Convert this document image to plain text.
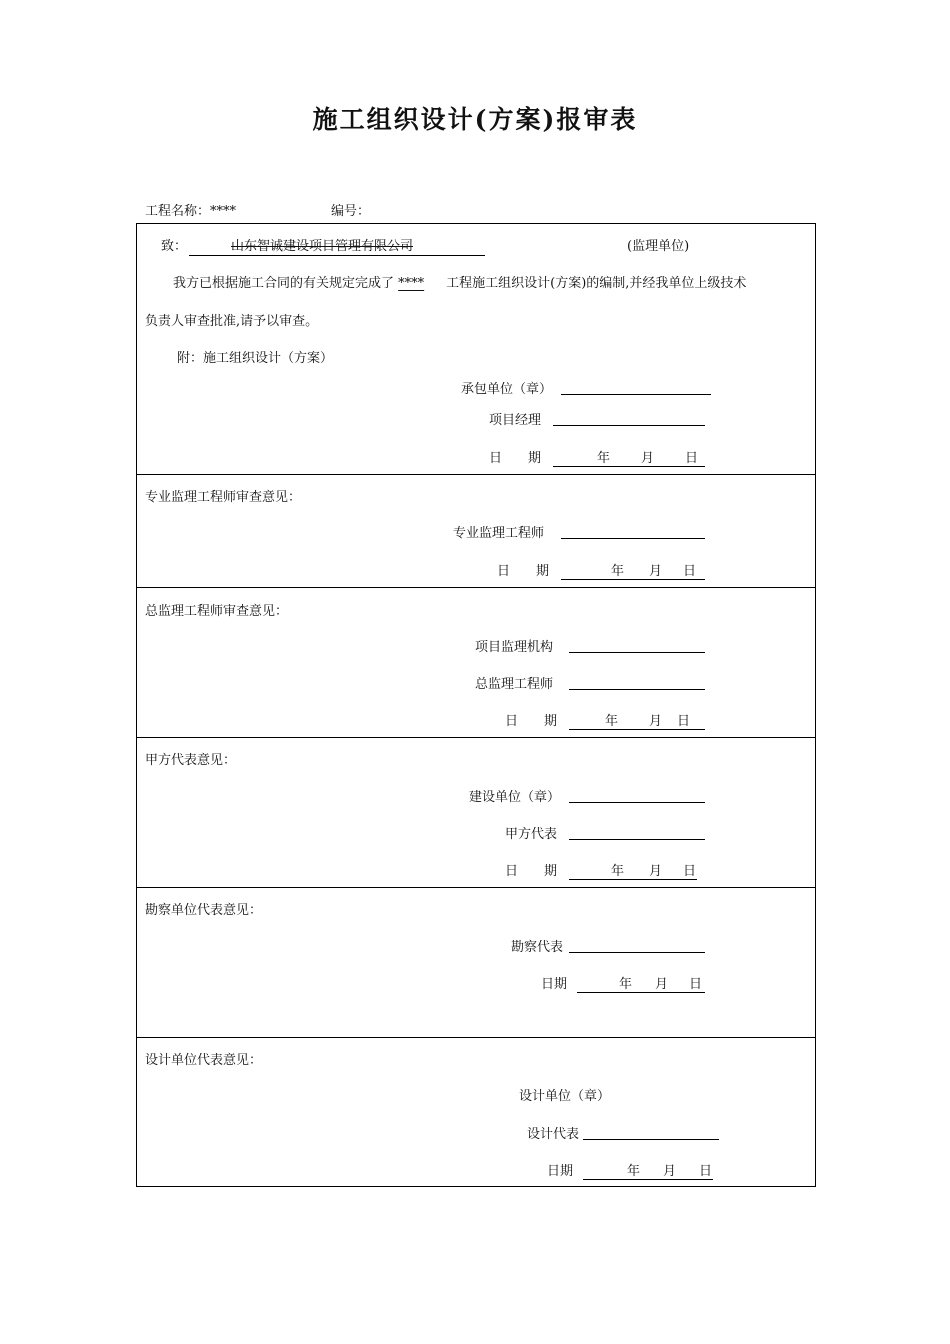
施工组织设计(方案)报审表
工程名称：****	编号：
致：	山东智诚建设项目管理有限公司	(监理单位)
我方已根据施工合同的有关规定完成了 **** 工程施工组织设计(方案)的编制,并经我单位上级技术
负责人审查批准,请予以审查。
附：施工组织设计（方案）
承包单位（章）
项目经理
日　　期	年 月 日
专业监理工程师审查意见：
专业监理工程师
日　　期	年 月 日
总监理工程师审查意见：
项目监理机构
总监理工程师
日　　期	年 月 日
甲方代表意见：
建设单位（章）
甲方代表
日　　期	年 月 日
勘察单位代表意见：
勘察代表
日期	年 月 日
设计单位代表意见：
设计单位（章）
设计代表
日期	年 月 日
